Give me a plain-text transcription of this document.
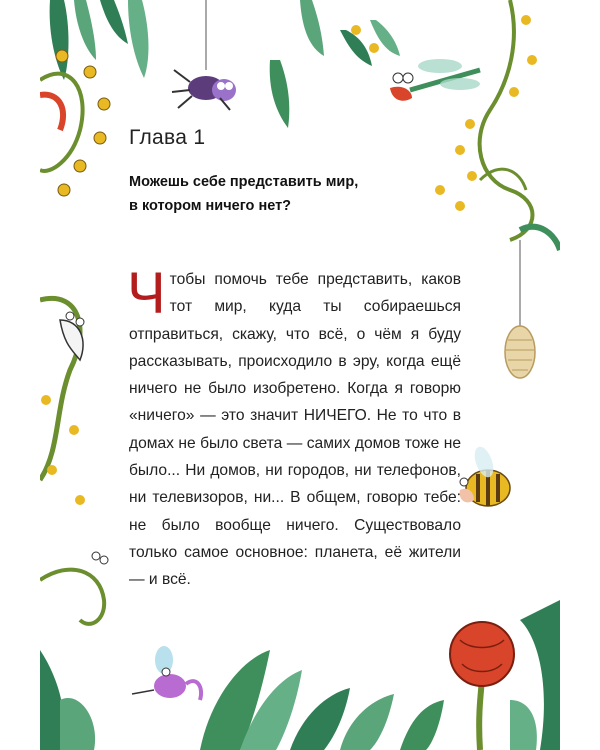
Глава 1
Можешь себе представить мир,
в котором ничего нет?

Чтобы помочь тебе представить, каков тот мир, куда ты собираешься отправиться, скажу, что всё, о чём я буду рассказывать, происходило в эру, когда ещё ничего не было изобретено. Когда я говорю «ничего» — это значит НИЧЕГО. Не то что в домах не было света — самих домов тоже не было... Ни домов, ни городов, ни телефонов, ни телевизоров, ни... В общем, говорю тебе: не было вообще ничего. Существовало только самое основное: планета, её жители — и всё.
